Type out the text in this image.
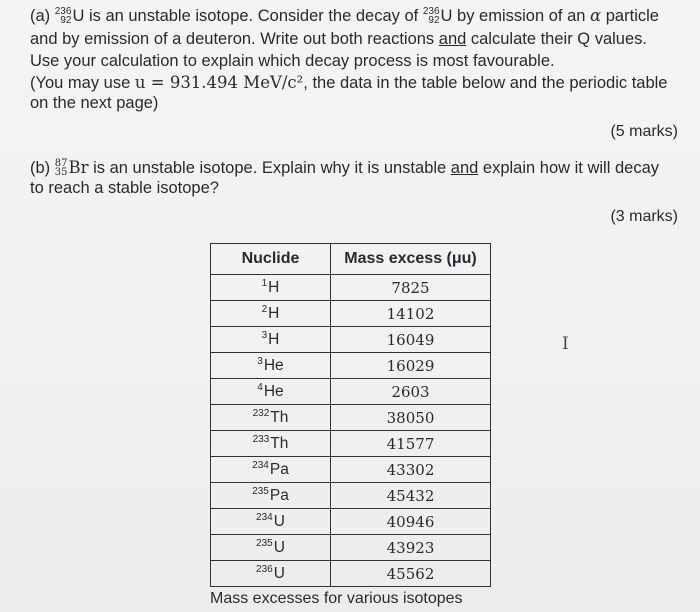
(a) 236
92 U is an unstable isotope. Consider the decay of 236
92 U by emission of an α particle
and by emission of a deuteron. Write out both reactions and calculate their Q values.
Use your calculation to explain which decay process is most favourable.
(You may use u = 931.494 MeV/c², the data in the table below and the periodic table
on the next page)
(5 marks)
(b) 87
35 Br is an unstable isotope. Explain why it is unstable and explain how it will decay
to reach a stable isotope?
(3 marks)
Nuclide	Mass excess (μu)
$^1$H	7825
$^2$H	14102
$^3$H	16049
$^3$He	16029
$^4$He	2603
$^{232}$Th	38050
$^{233}$Th	41577
$^{234}$Pa	43302
$^{235}$Pa	45432
$^{234}$U	40946
$^{235}$U	43923
$^{236}$U	45562
Mass excesses for various isotopes
I
